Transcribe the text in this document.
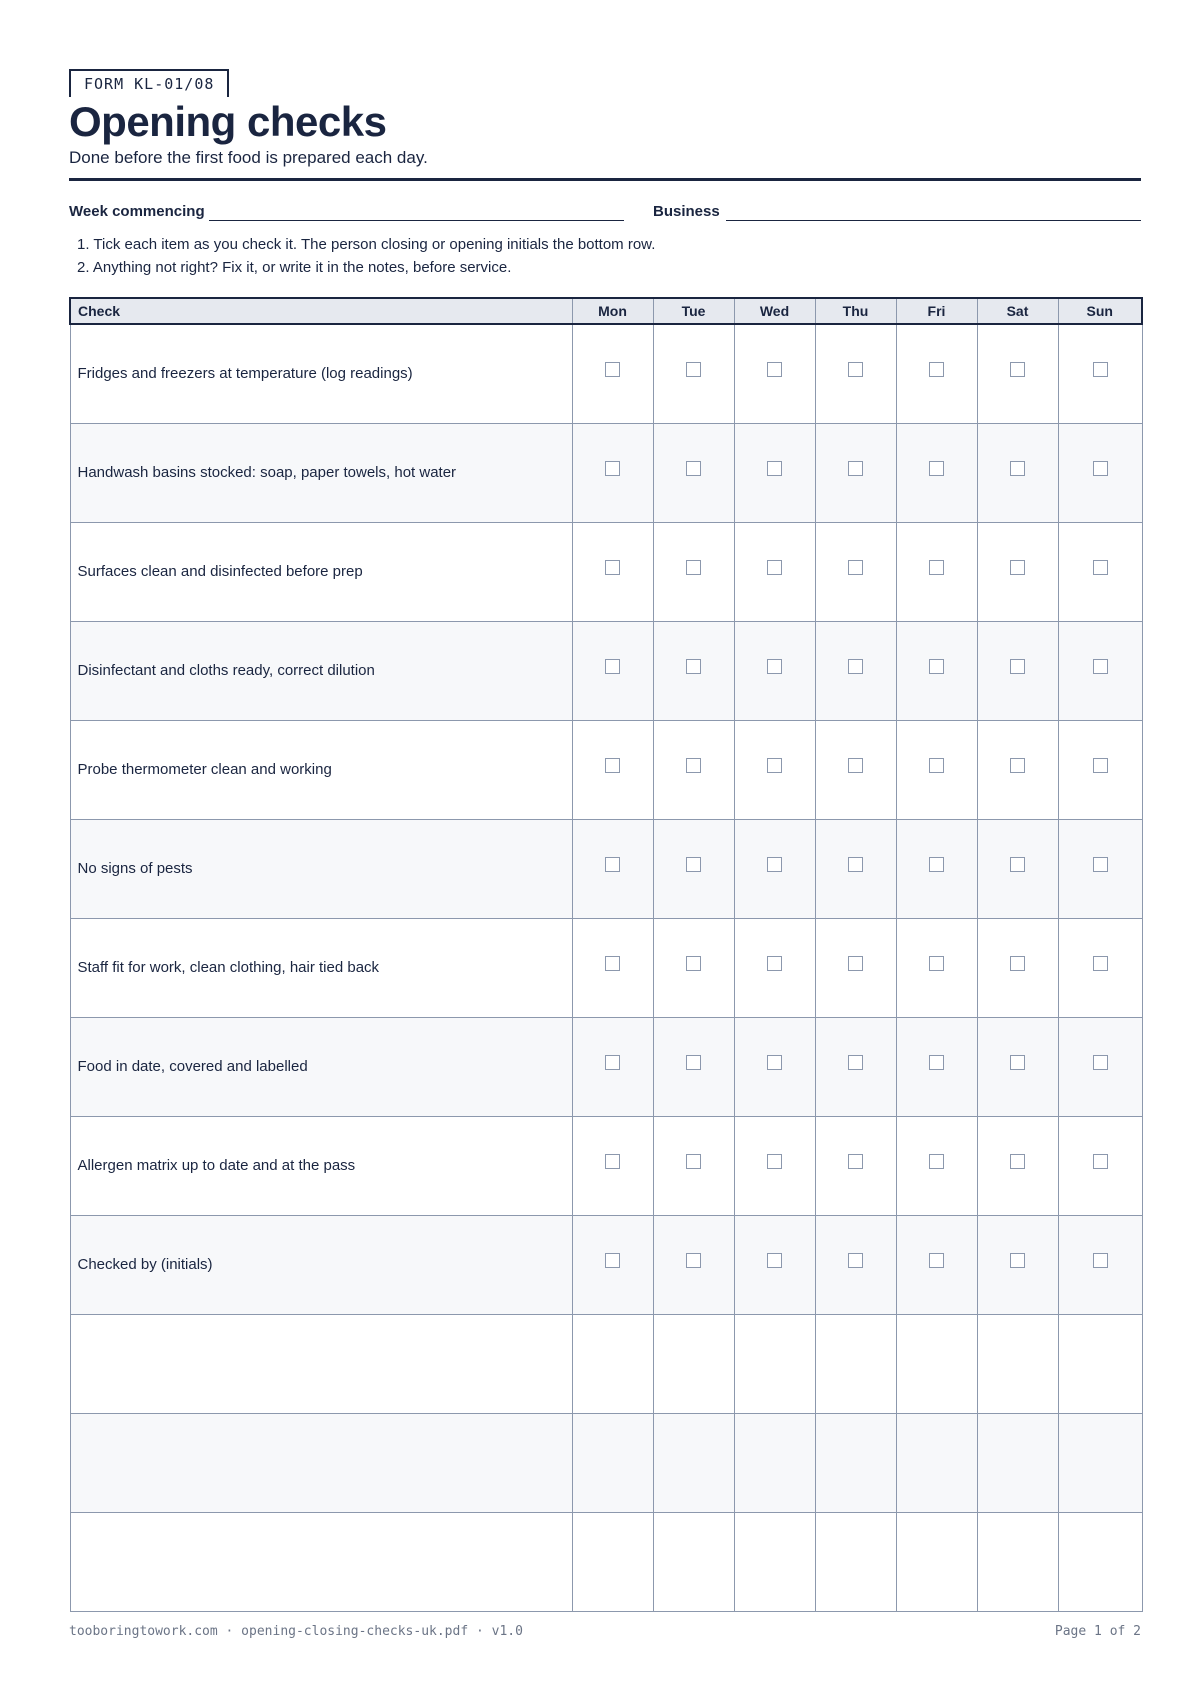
FORM KL-01/08
Opening checks
Done before the first food is prepared each day.
Week commencing	Business
1. Tick each item as you check it. The person closing or opening initials the bottom row.
2. Anything not right? Fix it, or write it in the notes, before service.
Check	Mon	Tue	Wed	Thu	Fri	Sat	Sun
Fridges and freezers at temperature (log readings)							
Handwash basins stocked: soap, paper towels, hot water							
Surfaces clean and disinfected before prep							
Disinfectant and cloths ready, correct dilution							
Probe thermometer clean and working							
No signs of pests							
Staff fit for work, clean clothing, hair tied back							
Food in date, covered and labelled							
Allergen matrix up to date and at the pass							
Checked by (initials)							

tooboringtowork.com · opening-closing-checks-uk.pdf · v1.0	Page 1 of 2
